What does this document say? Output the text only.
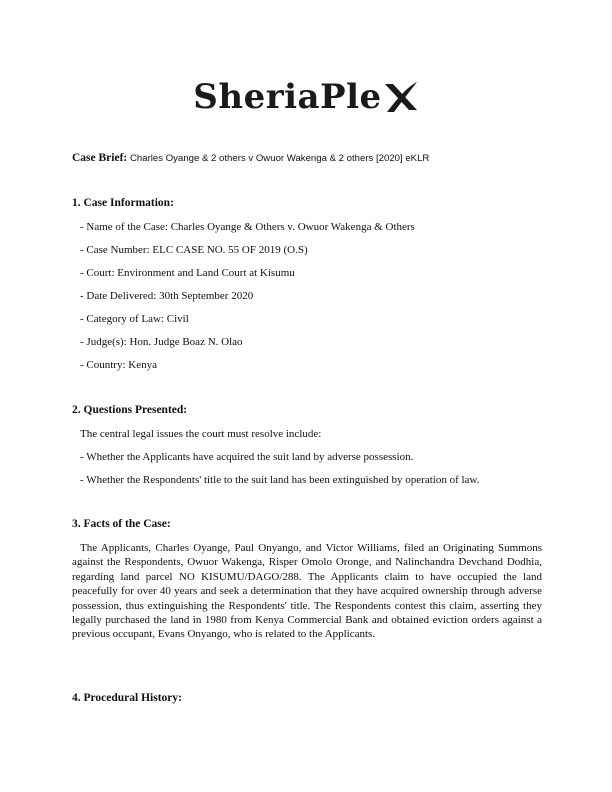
SheriaPle
Case Brief: Charles Oyange & 2 others v Owuor Wakenga & 2 others [2020] eKLR

1. Case Information:

- Name of the Case: Charles Oyange & Others v. Owuor Wakenga & Others

- Case Number: ELC CASE NO. 55 OF 2019 (O.S)

- Court: Environment and Land Court at Kisumu

- Date Delivered: 30th September 2020

- Category of Law: Civil

- Judge(s): Hon. Judge Boaz N. Olao

- Country: Kenya

2. Questions Presented:

The central legal issues the court must resolve include:

- Whether the Applicants have acquired the suit land by adverse possession.

- Whether the Respondents' title to the suit land has been extinguished by operation of law.

3. Facts of the Case:

The Applicants, Charles Oyange, Paul Onyango, and Victor Williams, filed an Originating Summons against the Respondents, Owuor Wakenga, Risper Omolo Oronge, and Nalinchandra Devchand Dodhia, regarding land parcel NO KISUMU/DAGO/288. The Applicants claim to have occupied the land peacefully for over 40 years and seek a determination that they have acquired ownership through adverse possession, thus extinguishing the Respondents' title. The Respondents contest this claim, asserting they legally purchased the land in 1980 from Kenya Commercial Bank and obtained eviction orders against a previous occupant, Evans Onyango, who is related to the Applicants.

4. Procedural History:
